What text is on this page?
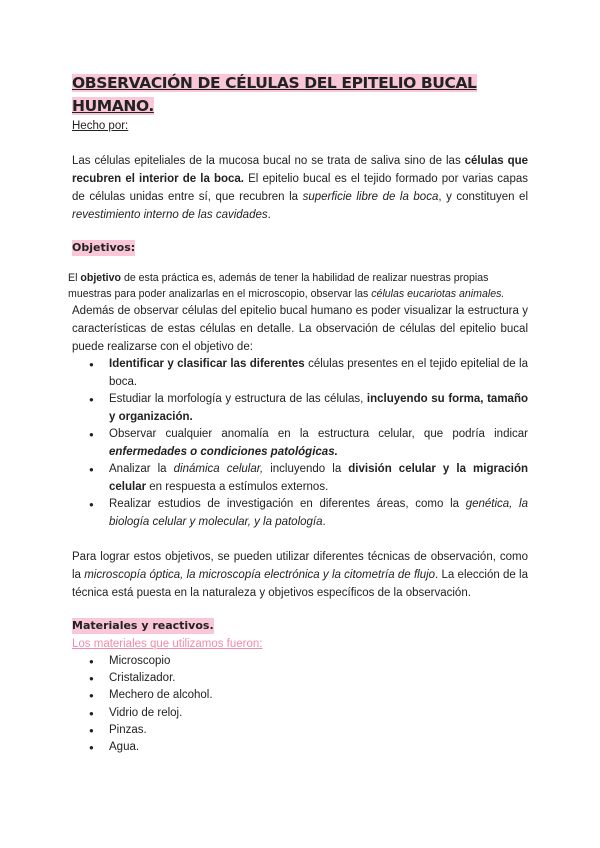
OBSERVACIÓN DE CÉLULAS DEL EPITELIO BUCAL
HUMANO.

Hecho por:

Las células epiteliales de la mucosa bucal no se trata de saliva sino de las células que recubren el interior de la boca. El epitelio bucal es el tejido formado por varias capas de células unidas entre sí, que recubren la superficie libre de la boca, y constituyen el revestimiento interno de las cavidades.

Objetivos:

El objetivo de esta práctica es, además de tener la habilidad de realizar nuestras propias muestras para poder analizarlas en el microscopio, observar las células eucariotas animales.

Además de observar células del epitelio bucal humano es poder visualizar la estructura y características de estas células en detalle. La observación de células del epitelio bucal puede realizarse con el objetivo de:

● Identificar y clasificar las diferentes células presentes en el tejido epitelial de la boca.
● Estudiar la morfología y estructura de las células, incluyendo su forma, tamaño y organización.
● Observar cualquier anomalía en la estructura celular, que podría indicar enfermedades o condiciones patológicas.
● Analizar la dinámica celular, incluyendo la división celular y la migración celular en respuesta a estímulos externos.
● Realizar estudios de investigación en diferentes áreas, como la genética, la biología celular y molecular, y la patología.

Para lograr estos objetivos, se pueden utilizar diferentes técnicas de observación, como la microscopía óptica, la microscopía electrónica y la citometría de flujo. La elección de la técnica está puesta en la naturaleza y objetivos específicos de la observación.

Materiales y reactivos.

Los materiales que utilizamos fueron:

● Microscopio
● Cristalizador.
● Mechero de alcohol.
● Vidrio de reloj.
● Pinzas.
● Agua.
